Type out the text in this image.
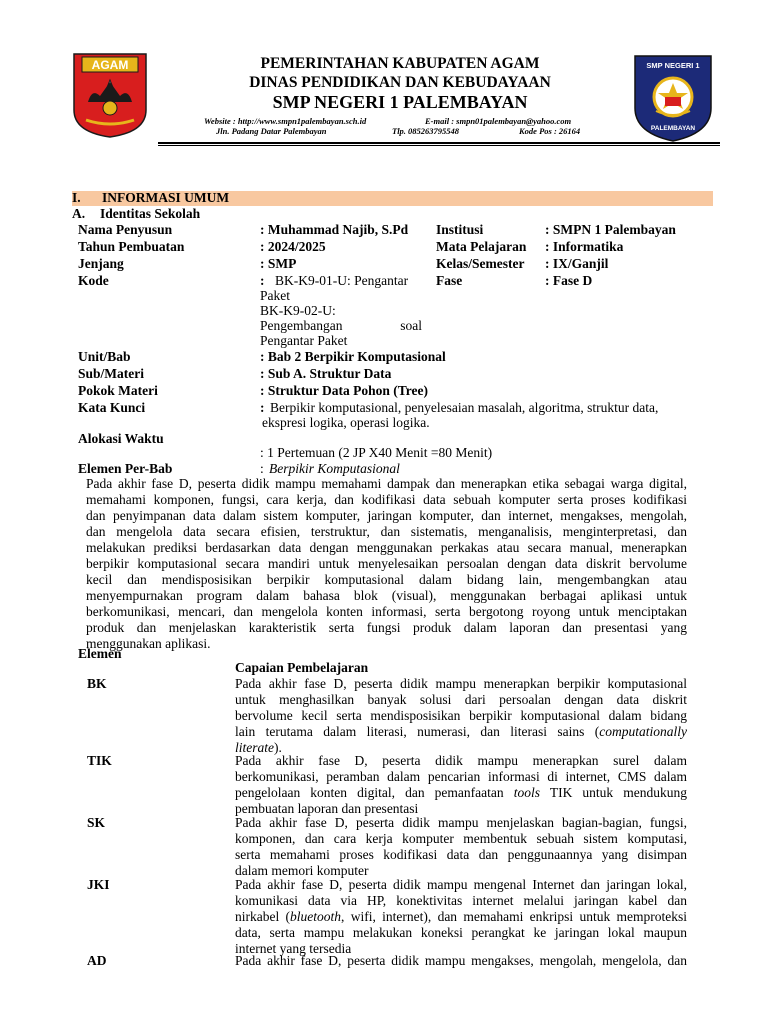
AGAM	PEMERINTAHAN KABUPATEN AGAM
DINAS PENDIDIKAN DAN KEBUDAYAAN
SMP NEGERI 1 PALEMBAYAN
Website : http://www.smpn1palembayan.sch.id	E-mail : smpn01palembayan@yahoo.com
Jln. Padang Datar Palembayan	Tlp. 085263795548	Kode Pos : 26164
SMP NEGERI 1
PALEMBAYAN
I. INFORMASI UMUM
A. Identitas Sekolah
Nama Penyusun	: Muhammad Najib, S.Pd Institusi	: SMPN 1 Palembayan
Tahun Pembuatan	: 2024/2025	Mata Pelajaran : Informatika
Jenjang	: SMP	Kelas/Semester : IX/Ganjil
Kode	: BK-K9-01-U: Pengantar
Paket
BK-K9-02-U:
Pengembangan soal
Pengantar Paket
Fase	: Fase D
Unit/Bab	: Bab 2 Berpikir Komputasional
Sub/Materi	: Sub A. Struktur Data
Pokok Materi	: Struktur Data Pohon (Tree)
Kata Kunci	: Berpikir komputasional, penyelesaian masalah, algoritma, struktur data,
ekspresi logika, operasi logika.
Alokasi Waktu
: 1 Pertemuan (2 JP X40 Menit =80 Menit)
Elemen Per-Bab	: Berpikir Komputasional
Pada akhir fase D, peserta didik mampu memahami dampak dan menerapkan etika sebagai warga digital,
memahami komponen, fungsi, cara kerja, dan kodifikasi data sebuah komputer serta proses kodifikasi
dan penyimpanan data dalam sistem komputer, jaringan komputer, dan internet, mengakses, mengolah,
dan mengelola data secara efisien, terstruktur, dan sistematis, menganalisis, menginterpretasi, dan
melakukan prediksi berdasarkan data dengan menggunakan perkakas atau secara manual, menerapkan
berpikir komputasional secara mandiri untuk menyelesaikan persoalan dengan data diskrit bervolume
kecil dan mendisposisikan berpikir komputasional dalam bidang lain, mengembangkan atau
menyempurnakan program dalam bahasa blok (visual), menggunakan berbagai aplikasi untuk
berkomunikasi, mencari, dan mengelola konten informasi, serta bergotong royong untuk menciptakan
produk dan menjelaskan karakteristik serta fungsi produk dalam laporan dan presentasi yang
menggunakan aplikasi.
Elemen
Capaian Pembelajaran
BK	Pada akhir fase D, peserta didik mampu menerapkan berpikir komputasional
untuk menghasilkan banyak solusi dari persoalan dengan data diskrit
bervolume kecil serta mendisposisikan berpikir komputasional dalam bidang
lain terutama dalam literasi, numerasi, dan literasi sains (computationally
literate).
TIK	Pada akhir fase D, peserta didik mampu menerapkan surel dalam
berkomunikasi, peramban dalam pencarian informasi di internet, CMS dalam
pengelolaan konten digital, dan pemanfaatan tools TIK untuk mendukung
pembuatan laporan dan presentasi
SK	Pada akhir fase D, peserta didik mampu menjelaskan bagian-bagian, fungsi,
komponen, dan cara kerja komputer membentuk sebuah sistem komputasi,
serta memahami proses kodifikasi data dan penggunaannya yang disimpan
dalam memori komputer
JKI	Pada akhir fase D, peserta didik mampu mengenal Internet dan jaringan lokal,
komunikasi data via HP, konektivitas internet melalui jaringan kabel dan
nirkabel (bluetooth, wifi, internet), dan memahami enkripsi untuk memproteksi
data, serta mampu melakukan koneksi perangkat ke jaringan lokal maupun
internet yang tersedia
AD	Pada akhir fase D, peserta didik mampu mengakses, mengolah, mengelola, dan
